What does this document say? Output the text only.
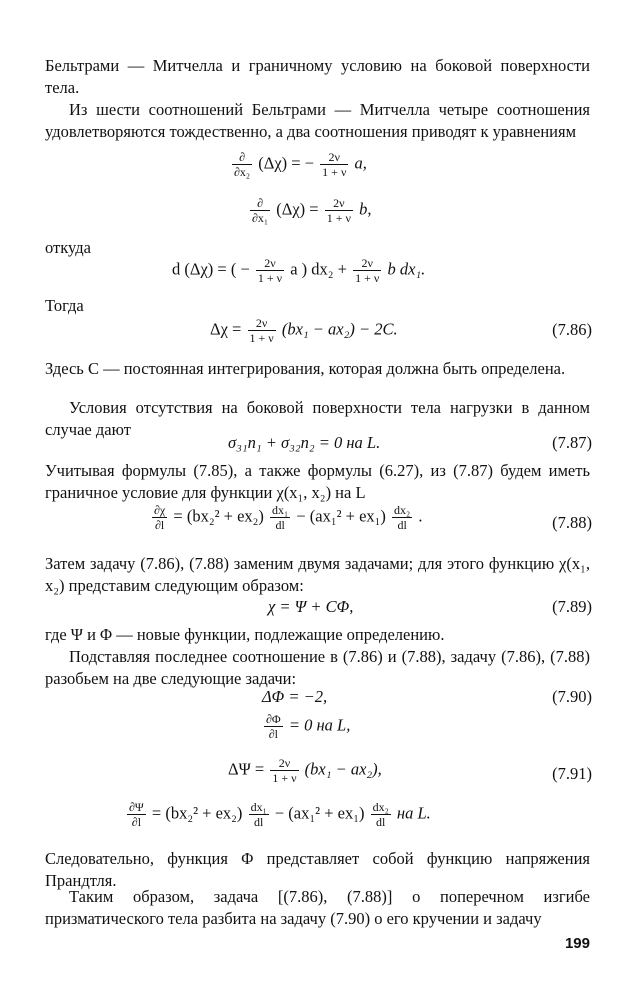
Бельтрами — Митчелла и граничному условию на боковой поверхности тела.

Из шести соотношений Бельтрами — Митчелла четыре соотношения удовлетворяются тождественно, а два соотношения приводят к уравнениям

∂
∂x₂ (Δχ) = − $\frac{2\nu}{1 + \nu} a$,
∂
∂x₁ $(\Delta\chi) = \frac{2\nu}{1 + \nu} b$,

откуда

d (Δχ) = ( − $\frac{2\nu}{1 + \nu}$ a ) $dx_2 + \frac{2\nu}{1 + \nu}$ b dx₁.

Тогда

$\Delta\chi = \frac{2\nu}{1 + \nu} (bx_1 - ax_2) - 2C$.	(7.86)

Здесь C — постоянная интегрирования, которая должна быть определена.

Условия отсутствия на боковой поверхности тела нагрузки в данном случае дают

σ₃₁n₁ + σ₃₂n₂ = 0 на L.	(7.87)

Учитывая формулы (7.85), а также формулы (6.27), из (7.87) будем иметь граничное условие для функции χ(x₁, x₂) на L

$\frac{\partial\chi}{\partial l} = (bx_2^2 + ex_2) \frac{\text{dx₁}}{dl} - (ax_1^2 + ex_1) \frac{\text{dx₂}}{dl}$ .	(7.88)

Затем задачу (7.86), (7.88) заменим двумя задачами; для этого функцию χ(x₁, x₂) представим следующим образом:

χ = Ψ + CΦ,	(7.89)

где Ψ и Φ — новые функции, подлежащие определению.

Подставляя последнее соотношение в (7.86) и (7.88), задачу (7.86), (7.88) разобьем на две следующие задачи:

ΔΦ = −2,	(7.90)
$\frac{\partial\Phi}{\partial l} = 0$ на L,
$\Delta\Psi = \frac{2\nu}{1 + \nu} (bx_1 - ax_2)$,	(7.91)
$\frac{\partial\Psi}{\partial l} = (bx_2^2 + ex_2) \frac{\text{dx₁}}{dl} - (ax_1^2 + ex_1) \frac{\text{dx₂}}{dl}$ на L.

Следовательно, функция Φ представляет собой функцию напряжения Прандтля.

Таким образом, задача [(7.86), (7.88)] о поперечном изгибе призматического тела разбита на задачу (7.90) о его кручении и задачу

199
